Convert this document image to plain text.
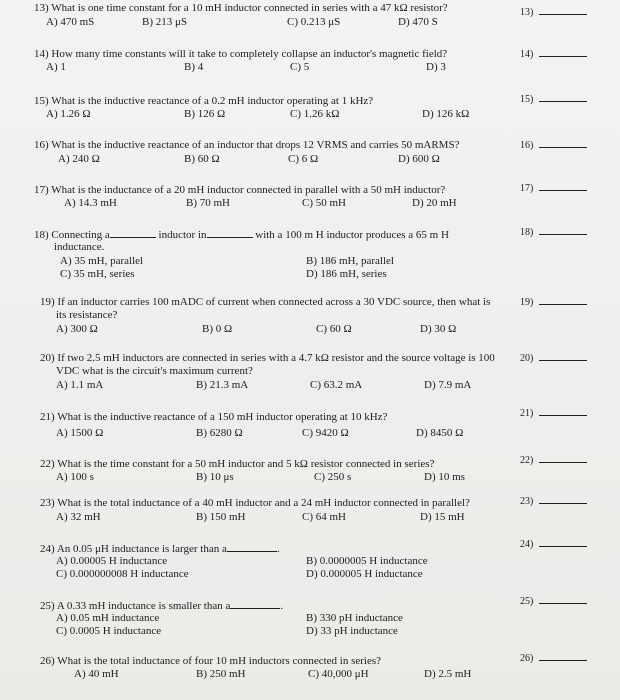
13) What is one time constant for a 10 mH inductor connected in series with a 47 kΩ resistor?
A) 470 mS	B) 213 μS	C) 0.213 μS	D) 470 S
13)
14) How many time constants will it take to completely collapse an inductor's magnetic field?
A) 1	B) 4	C) 5	D) 3
14)
15) What is the inductive reactance of a 0.2 mH inductor operating at 1 kHz?
A) 1.26 Ω	B) 126 Ω	C) 1.26 kΩ	D) 126 kΩ
15)
16) What is the inductive reactance of an inductor that drops 12 VRMS and carries 50 mARMS?
A) 240 Ω	B) 60 Ω	C) 6 Ω	D) 600 Ω
16)
17) What is the inductance of a 20 mH inductor connected in parallel with a 50 mH inductor?
A) 14.3 mH	B) 70 mH	C) 50 mH	D) 20 mH
17)
18) Connecting a	inductor in	with a 100 m H inductor produces a 65 m H
inductance.
A) 35 mH, parallel	B) 186 mH, parallel
C) 35 mH, series	D) 186 mH, series
18)
19) If an inductor carries 100 mADC of current when connected across a 30 VDC source, then what is
its resistance?
A) 300 Ω	B) 0 Ω	C) 60 Ω	D) 30 Ω
19)
20) If two 2.5 mH inductors are connected in series with a 4.7 kΩ resistor and the source voltage is 100
VDC what is the circuit's maximum current?
A) 1.1 mA	B) 21.3 mA	C) 63.2 mA	D) 7.9 mA
20)
21) What is the inductive reactance of a 150 mH inductor operating at 10 kHz?
A) 1500 Ω	B) 6280 Ω	C) 9420 Ω	D) 8450 Ω
21)
22) What is the time constant for a 50 mH inductor and 5 kΩ resistor connected in series?
A) 100 s	B) 10 μs	C) 250 s	D) 10 ms
22)
23) What is the total inductance of a 40 mH inductor and a 24 mH inductor connected in parallel?
A) 32 mH	B) 150 mH	C) 64 mH	D) 15 mH
23)
24) An 0.05 μH inductance is larger than a	.
A) 0.00005 H inductance	B) 0.0000005 H inductance
C) 0.000000008 H inductance	D) 0.000005 H inductance
24)
25) A 0.33 mH inductance is smaller than a	.
A) 0.05 mH inductance	B) 330 pH inductance
C) 0.0005 H inductance	D) 33 pH inductance
25)
26) What is the total inductance of four 10 mH inductors connected in series?
A) 40 mH	B) 250 mH	C) 40,000 μH	D) 2.5 mH
26)
